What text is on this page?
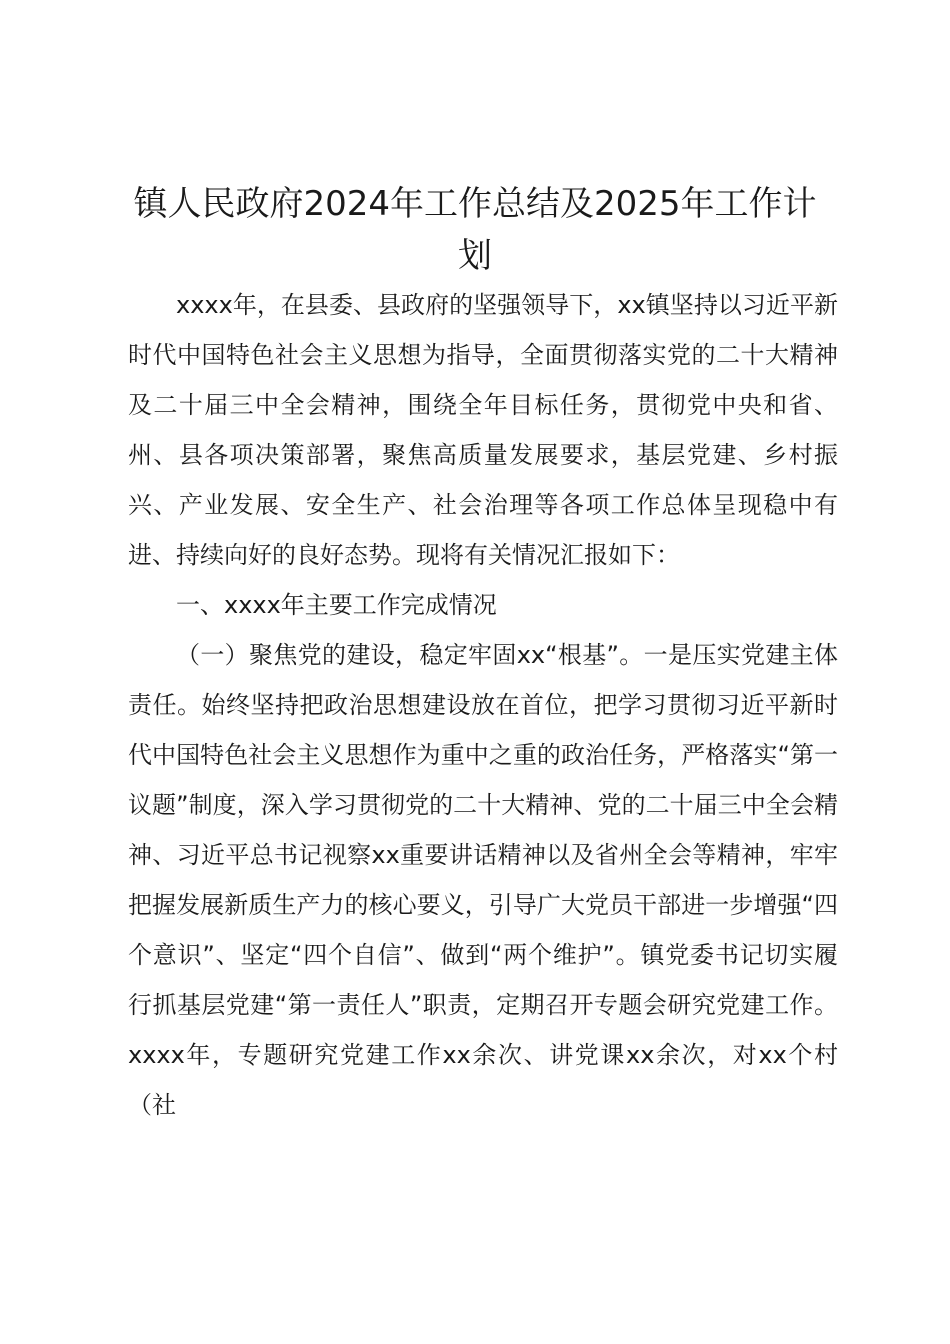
镇人民政府2024年工作总结及2025年工作计划

xxxx年，在县委、县政府的坚强领导下，xx镇坚持以习近平新时代中国特色社会主义思想为指导，全面贯彻落实党的二十大精神及二十届三中全会精神，围绕全年目标任务，贯彻党中央和省、州、县各项决策部署，聚焦高质量发展要求，基层党建、乡村振兴、产业发展、安全生产、社会治理等各项工作总体呈现稳中有进、持续向好的良好态势。现将有关情况汇报如下：

一、xxxx年主要工作完成情况

（一）聚焦党的建设，稳定牢固xx“根基”。一是压实党建主体责任。始终坚持把政治思想建设放在首位，把学习贯彻习近平新时代中国特色社会主义思想作为重中之重的政治任务，严格落实“第一议题”制度，深入学习贯彻党的二十大精神、党的二十届三中全会精神、习近平总书记视察xx重要讲话精神以及省州全会等精神，牢牢把握发展新质生产力的核心要义，引导广大党员干部进一步增强“四个意识”、坚定“四个自信”、做到“两个维护”。镇党委书记切实履行抓基层党建“第一责任人”职责，定期召开专题会研究党建工作。xxxx年，专题研究党建工作xx余次、讲党课xx余次，对xx个村（社
